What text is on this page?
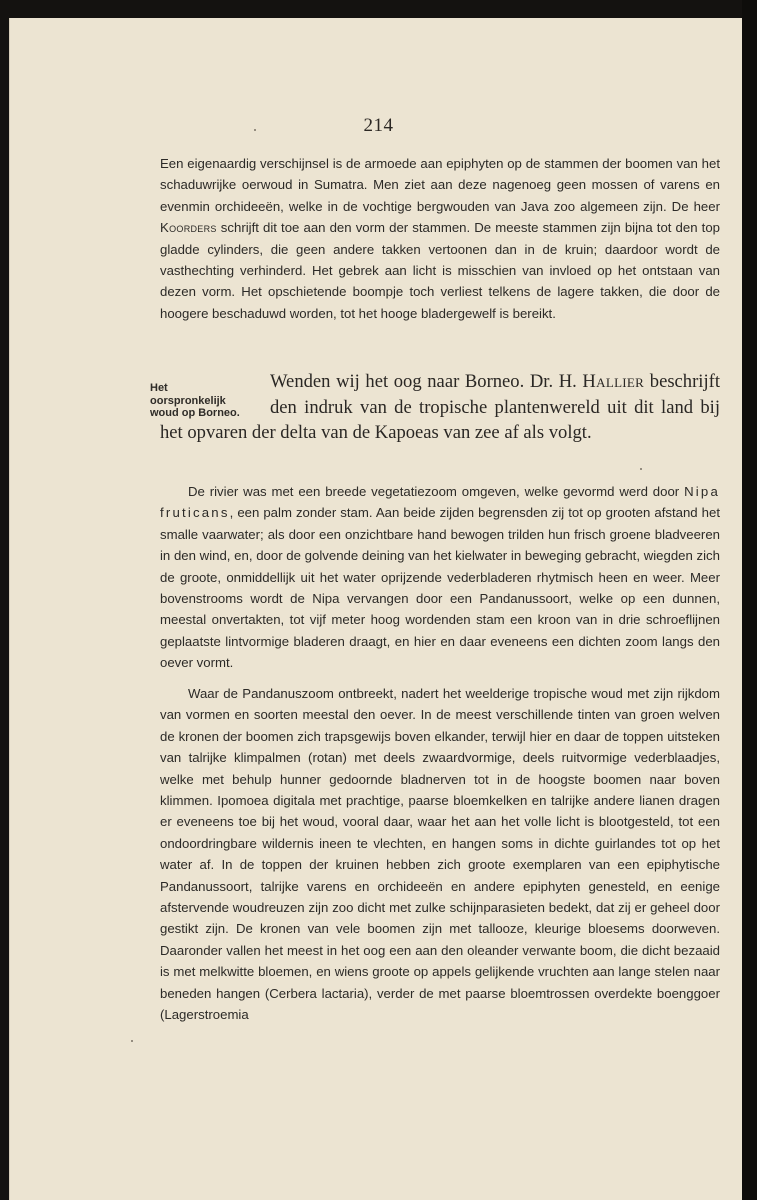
214

Een eigenaardig verschijnsel is de armoede aan epiphyten op de stammen der boomen van het schaduwrijke oerwoud in Sumatra. Men ziet aan deze nagenoeg geen mossen of varens en evenmin orchideeën, welke in de vochtige bergwouden van Java zoo algemeen zijn. De heer Koorders schrijft dit toe aan den vorm der stammen. De meeste stammen zijn bijna tot den top gladde cylinders, die geen andere takken vertoonen dan in de kruin; daardoor wordt de vasthechting verhinderd. Het gebrek aan licht is misschien van invloed op het ontstaan van dezen vorm. Het opschietende boompje toch verliest telkens de lagere takken, die door de hoogere beschaduwd worden, tot het hooge bladergewelf is bereikt.

Het oorspronkelijk woud op Borneo.

Wenden wij het oog naar Borneo. Dr. H. Hallier beschrijft den indruk van de tropische plantenwereld uit dit land bij het opvaren der delta van de Kapoeas van zee af als volgt.

De rivier was met een breede vegetatiezoom omgeven, welke gevormd werd door Nipa fruticans, een palm zonder stam. Aan beide zijden begrensden zij tot op grooten afstand het smalle vaarwater; als door een onzichtbare hand bewogen trilden hun frisch groene bladveeren in den wind, en, door de golvende deining van het kielwater in beweging gebracht, wiegden zich de groote, onmiddellijk uit het water oprijzende vederbladeren rhytmisch heen en weer. Meer bovenstrooms wordt de Nipa vervangen door een Pandanussoort, welke op een dunnen, meestal onvertakten, tot vijf meter hoog wordenden stam een kroon van in drie schroeflijnen geplaatste lintvormige bladeren draagt, en hier en daar eveneens een dichten zoom langs den oever vormt.

Waar de Pandanuszoom ontbreekt, nadert het weelderige tropische woud met zijn rijkdom van vormen en soorten meestal den oever. In de meest verschillende tinten van groen welven de kronen der boomen zich trapsgewijs boven elkander, terwijl hier en daar de toppen uitsteken van talrijke klimpalmen (rotan) met deels zwaardvormige, deels ruitvormige vederblaadjes, welke met behulp hunner gedoornde bladnerven tot in de hoogste boomen naar boven klimmen. Ipomoea digitala met prachtige, paarse bloemkelken en talrijke andere lianen dragen er eveneens toe bij het woud, vooral daar, waar het aan het volle licht is blootgesteld, tot een ondoordringbare wildernis ineen te vlechten, en hangen soms in dichte guirlandes tot op het water af. In de toppen der kruinen hebben zich groote exemplaren van een epiphytische Pandanussoort, talrijke varens en orchideeën en andere epiphyten genesteld, en eenige afstervende woudreuzen zijn zoo dicht met zulke schijnparasieten bedekt, dat zij er geheel door gestikt zijn. De kronen van vele boomen zijn met tallooze, kleurige bloesems doorweven. Daaronder vallen het meest in het oog een aan den oleander verwante boom, die dicht bezaaid is met melkwitte bloemen, en wiens groote op appels gelijkende vruchten aan lange stelen naar beneden hangen (Cerbera lactaria), verder de met paarse bloemtrossen overdekte boenggoer (Lagerstroemia
